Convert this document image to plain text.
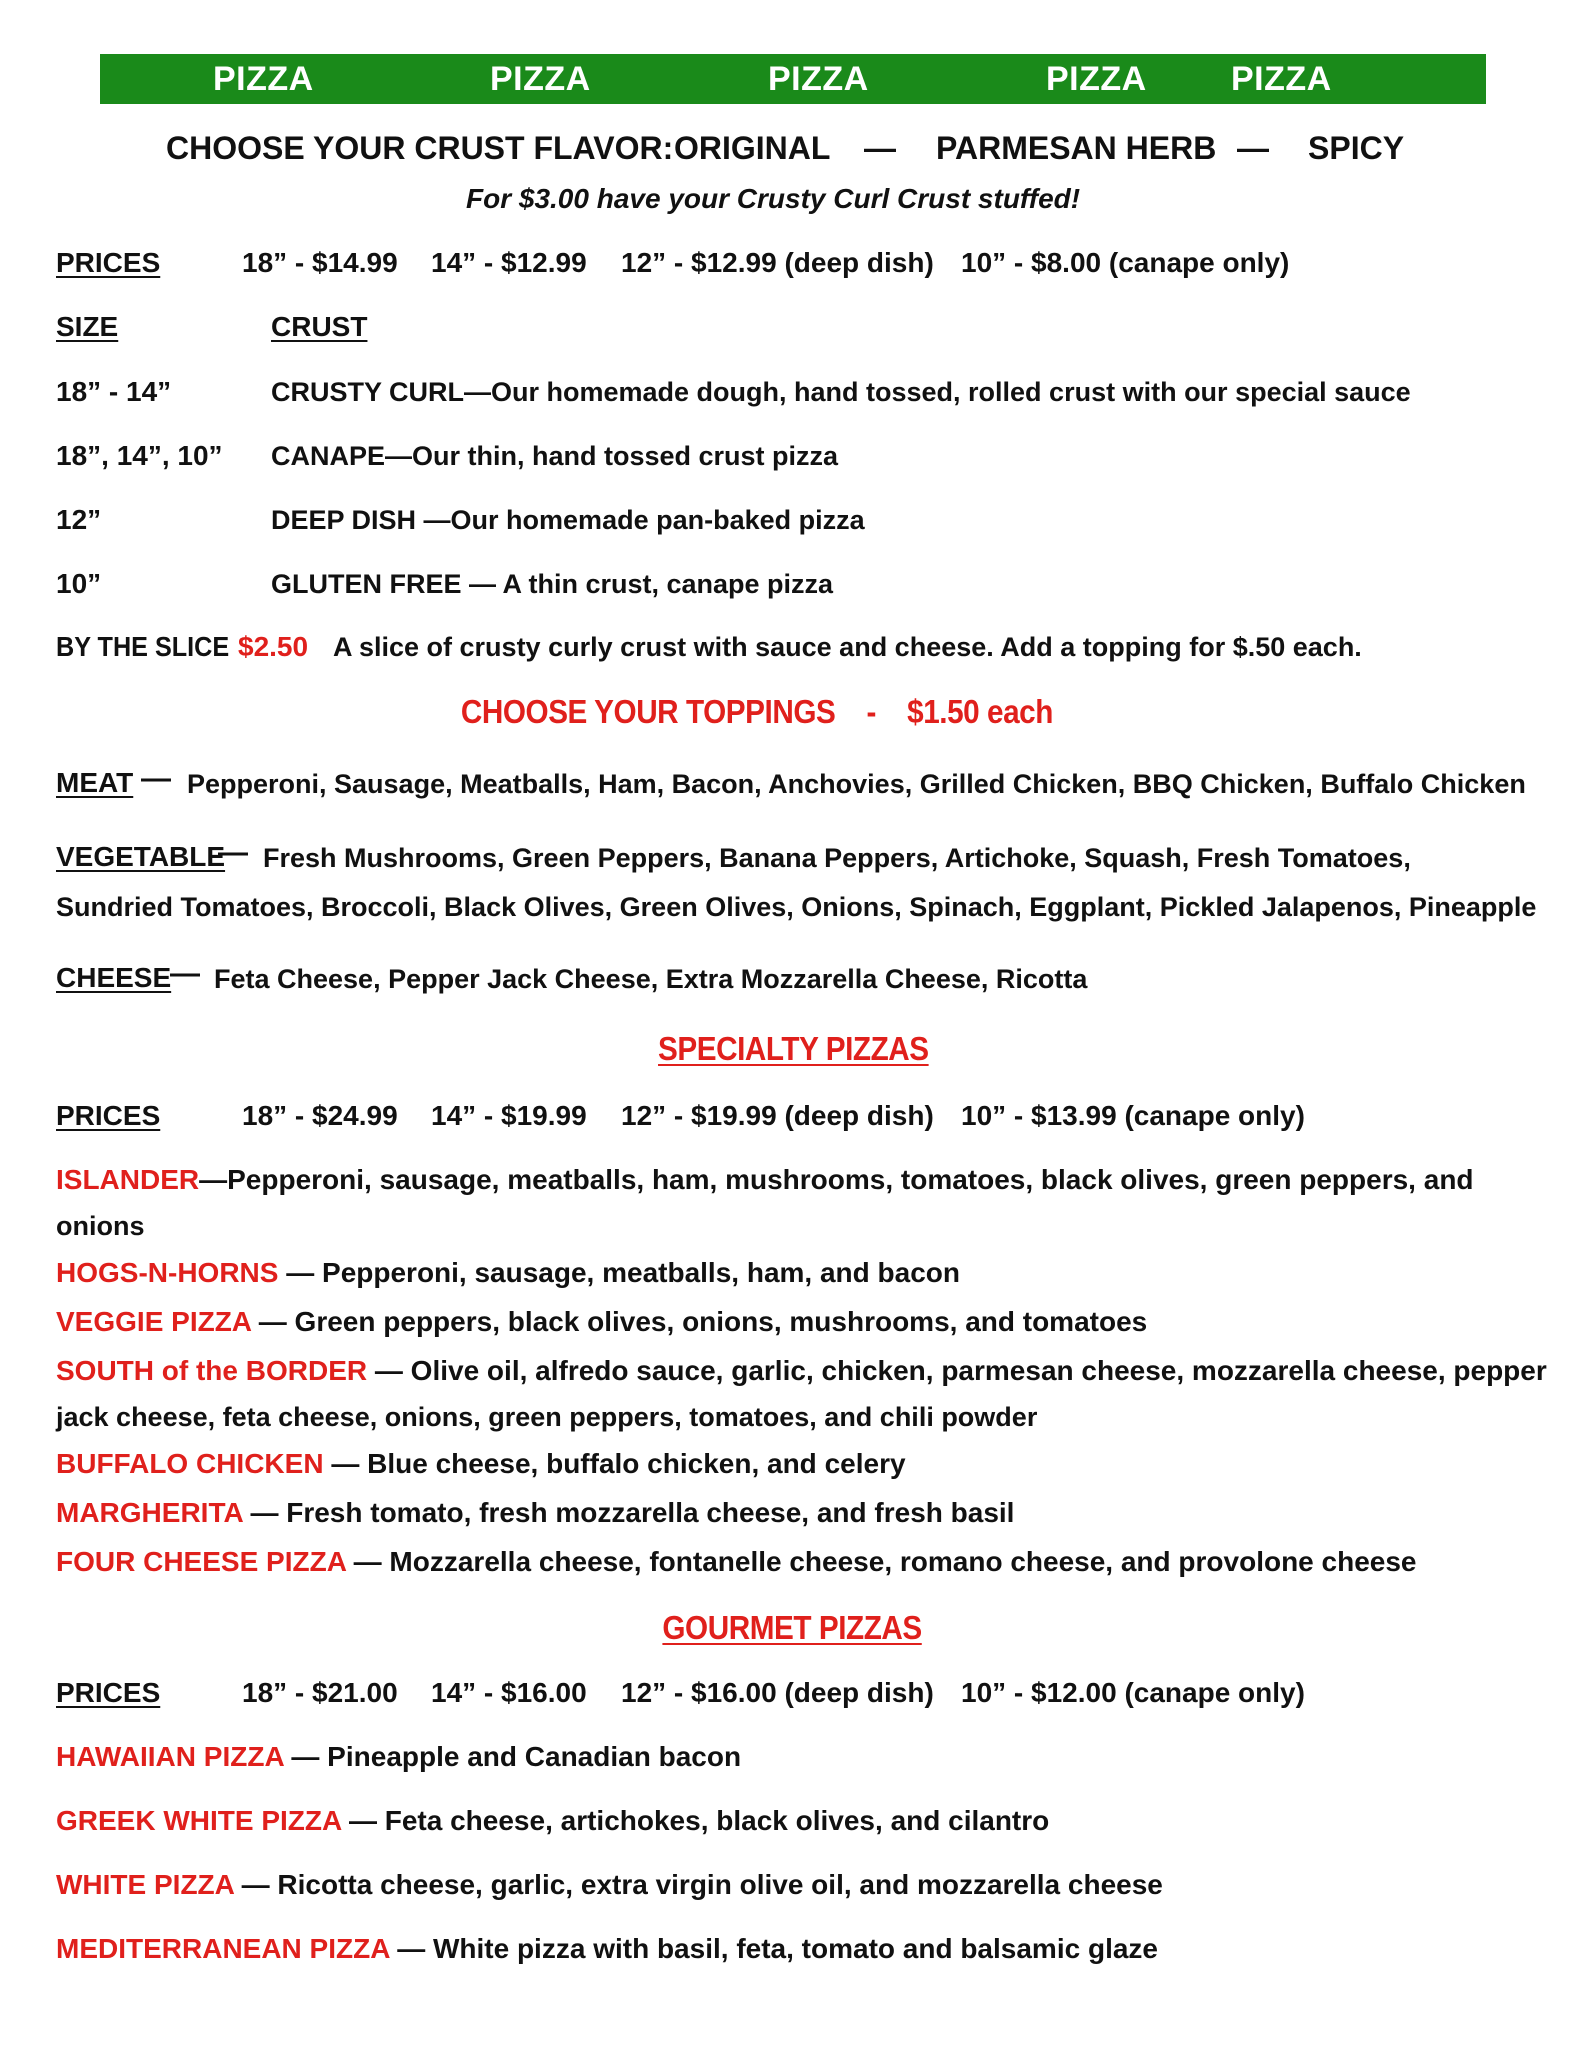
PIZZA	PIZZA	PIZZA	PIZZA PIZZA
CHOOSE YOUR CRUST FLAVOR: ORIGINAL — PARMESAN HERB — SPICY
For $3.00 have your Crusty Curl Crust stuffed!
PRICES	18” - $14.99 14” - $12.99 12” - $12.99 (deep dish) 10” - $8.00 (canape only)
SIZE	CRUST
18” - 14”	CRUSTY CURL—Our homemade dough, hand tossed, rolled crust with our special sauce
18”, 14”, 10” CANAPE—Our thin, hand tossed crust pizza
12”	DEEP DISH —Our homemade pan-baked pizza
10”	GLUTEN FREE — A thin crust, canape pizza
BY THE SLICE $2.50 A slice of crusty curly crust with sauce and cheese. Add a topping for $.50 each.
CHOOSE YOUR TOPPINGS    -    $1.50 each
MEAT — Pepperoni, Sausage, Meatballs, Ham, Bacon, Anchovies, Grilled Chicken, BBQ Chicken, Buffalo Chicken
VEGETABLE
— Fresh Mushrooms, Green Peppers, Banana Peppers, Artichoke, Squash, Fresh Tomatoes,
Sundried Tomatoes, Broccoli, Black Olives, Green Olives, Onions, Spinach, Eggplant, Pickled Jalapenos, Pineapple
CHEESE
— Feta Cheese, Pepper Jack Cheese, Extra Mozzarella Cheese, Ricotta
SPECIALTY PIZZAS
PRICES	18” - $24.99 14” - $19.99 12” - $19.99 (deep dish) 10” - $13.99 (canape only)
ISLANDER—Pepperoni, sausage, meatballs, ham, mushrooms, tomatoes, black olives, green peppers, and
onions
HOGS-N-HORNS — Pepperoni, sausage, meatballs, ham, and bacon
VEGGIE PIZZA — Green peppers, black olives, onions, mushrooms, and tomatoes
SOUTH of the BORDER — Olive oil, alfredo sauce, garlic, chicken, parmesan cheese, mozzarella cheese, pepper
jack cheese, feta cheese, onions, green peppers, tomatoes, and chili powder
BUFFALO CHICKEN — Blue cheese, buffalo chicken, and celery
MARGHERITA — Fresh tomato, fresh mozzarella cheese, and fresh basil
FOUR CHEESE PIZZA — Mozzarella cheese, fontanelle cheese, romano cheese, and provolone cheese
GOURMET PIZZAS
PRICES	18” - $21.00 14” - $16.00 12” - $16.00 (deep dish) 10” - $12.00 (canape only)
HAWAIIAN PIZZA — Pineapple and Canadian bacon
GREEK WHITE PIZZA — Feta cheese, artichokes, black olives, and cilantro
WHITE PIZZA — Ricotta cheese, garlic, extra virgin olive oil, and mozzarella cheese
MEDITERRANEAN PIZZA — White pizza with basil, feta, tomato and balsamic glaze
